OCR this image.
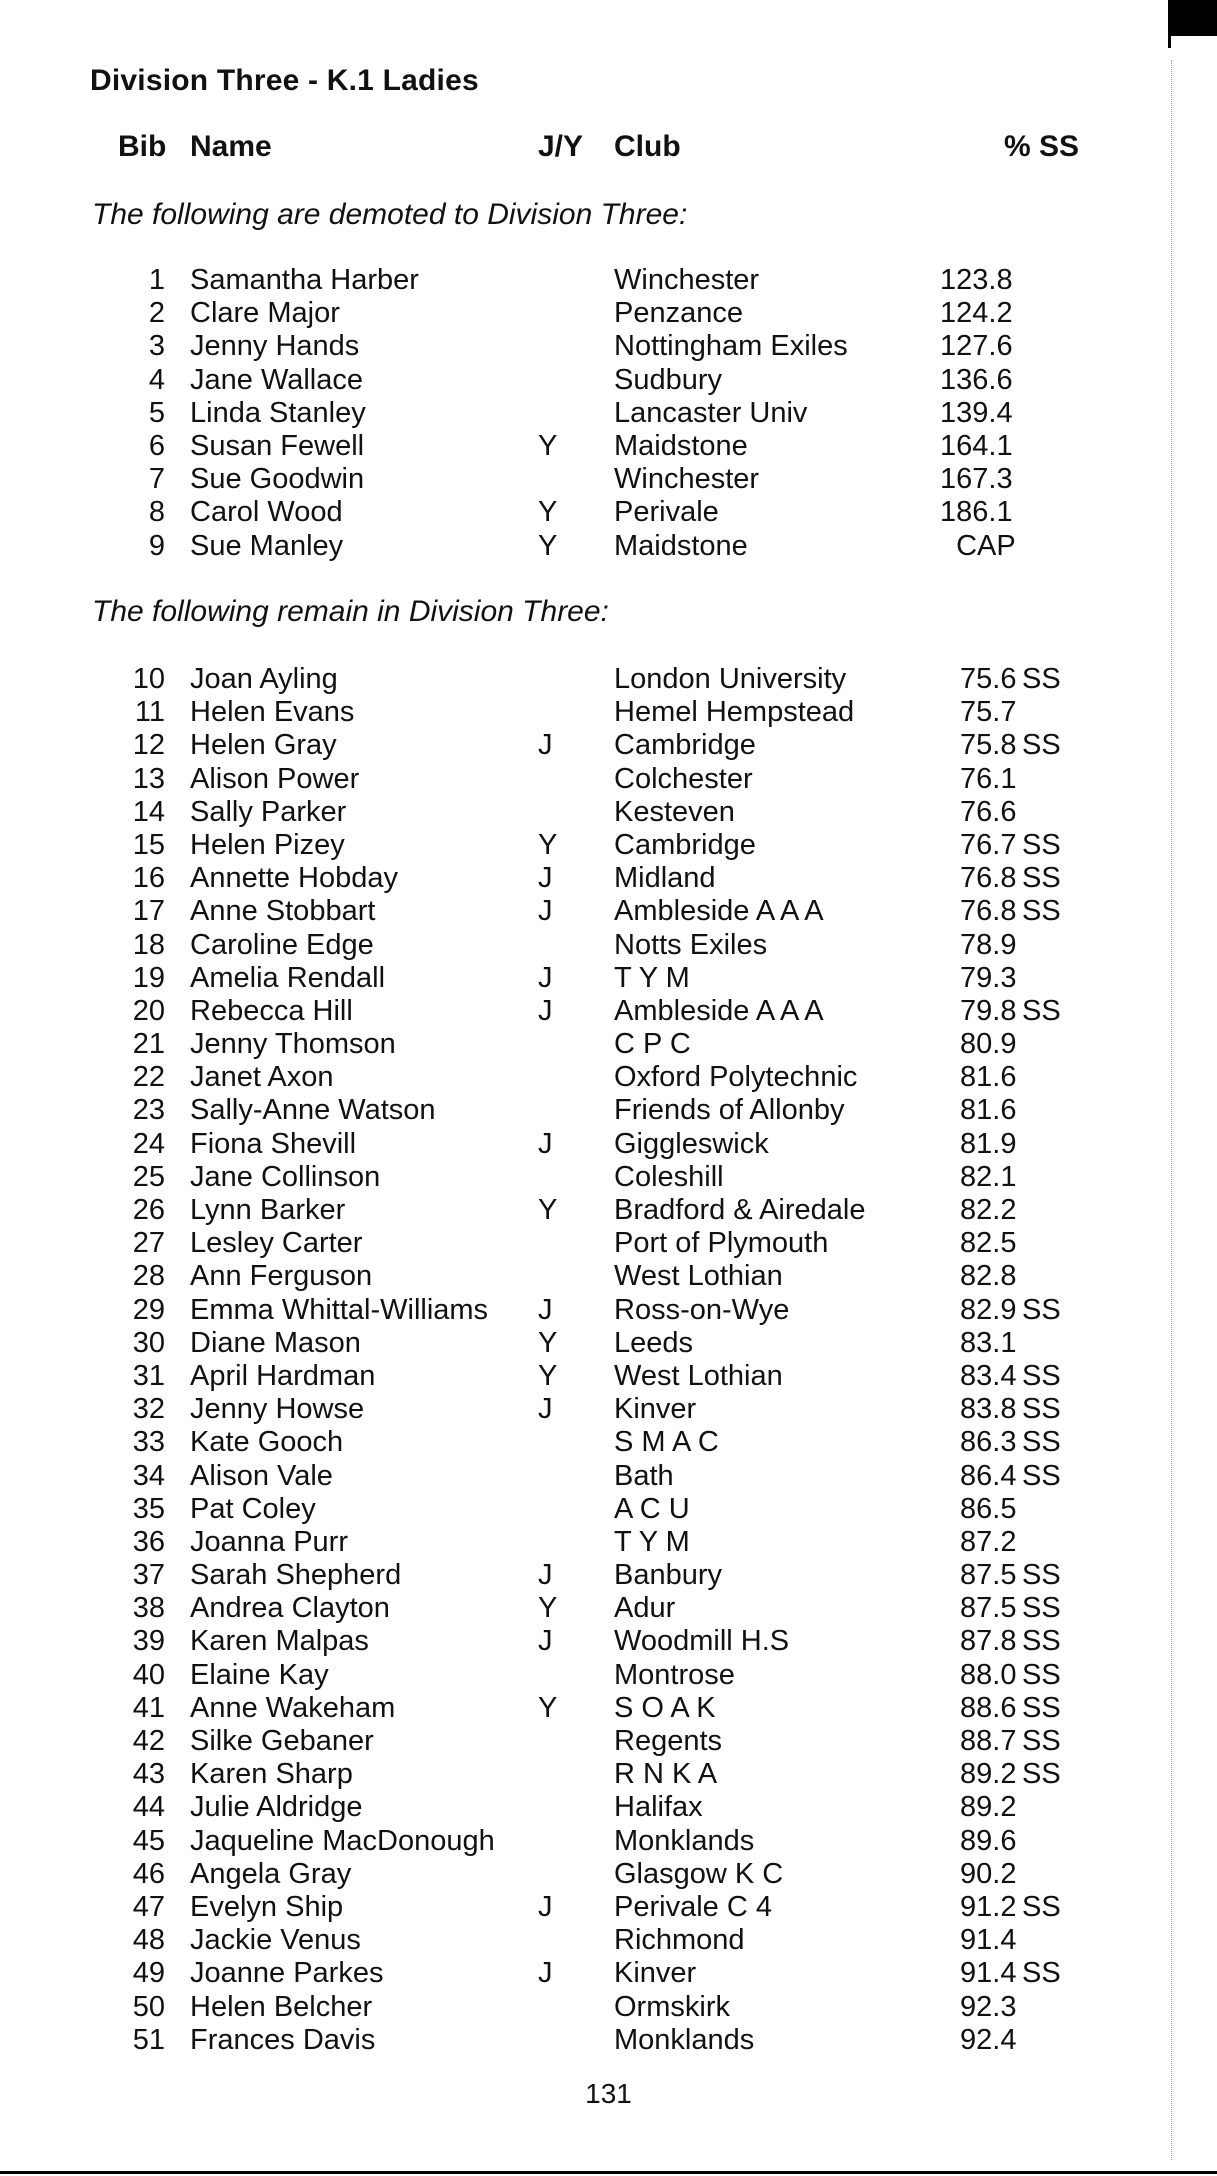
Division Three - K.1 Ladies
Bib Name	J/Y Club	% SS
The following are demoted to Division Three:
1 Samantha Harber	Winchester	123.8
2 Clare Major	Penzance	124.2
3 Jenny Hands	Nottingham Exiles	127.6
4 Jane Wallace	Sudbury	136.6
5 Linda Stanley	Lancaster Univ	139.4
6 Susan Fewell	Y Maidstone	164.1
7 Sue Goodwin	Winchester	167.3
8 Carol Wood	Y Perivale	186.1
9 Sue Manley	Y Maidstone	CAP
The following remain in Division Three:
10 Joan Ayling	London University	75.6 SS
11 Helen Evans	Hemel Hempstead	75.7
12 Helen Gray	J Cambridge	75.8 SS
13 Alison Power	Colchester	76.1
14 Sally Parker	Kesteven	76.6
15 Helen Pizey	Y Cambridge	76.7 SS
16 Annette Hobday	J Midland	76.8 SS
17 Anne Stobbart	J Ambleside A A A	76.8 SS
18 Caroline Edge	Notts Exiles	78.9
19 Amelia Rendall	J T Y M	79.3
20 Rebecca Hill	J Ambleside A A A	79.8 SS
21 Jenny Thomson	C P C	80.9
22 Janet Axon	Oxford Polytechnic	81.6
23 Sally-Anne Watson	Friends of Allonby	81.6
24 Fiona Shevill	J Giggleswick	81.9
25 Jane Collinson	Coleshill	82.1
26 Lynn Barker	Y Bradford & Airedale	82.2
27 Lesley Carter	Port of Plymouth	82.5
28 Ann Ferguson	West Lothian	82.8
29 Emma Whittal-Williams J Ross-on-Wye	82.9 SS
30 Diane Mason	Y Leeds	83.1
31 April Hardman	Y West Lothian	83.4 SS
32 Jenny Howse	J Kinver	83.8 SS
33 Kate Gooch	S M A C	86.3 SS
34 Alison Vale	Bath	86.4 SS
35 Pat Coley	A C U	86.5
36 Joanna Purr	T Y M	87.2
37 Sarah Shepherd	J Banbury	87.5 SS
38 Andrea Clayton	Y Adur	87.5 SS
39 Karen Malpas	J Woodmill H.S	87.8 SS
40 Elaine Kay	Montrose	88.0 SS
41 Anne Wakeham	Y S O A K	88.6 SS
42 Silke Gebaner	Regents	88.7 SS
43 Karen Sharp	R N K A	89.2 SS
44 Julie Aldridge	Halifax	89.2
45 Jaqueline MacDonough	Monklands	89.6
46 Angela Gray	Glasgow K C	90.2
47 Evelyn Ship	J Perivale C 4	91.2 SS
48 Jackie Venus	Richmond	91.4
49 Joanne Parkes	J Kinver	91.4 SS
50 Helen Belcher	Ormskirk	92.3
51 Frances Davis	Monklands	92.4
131
